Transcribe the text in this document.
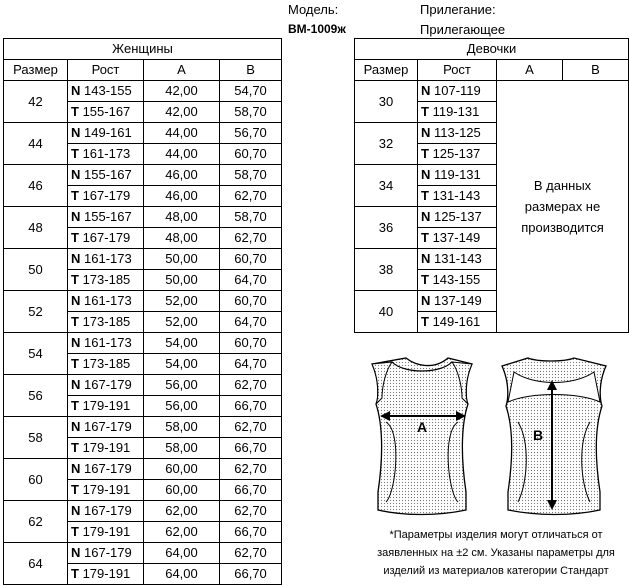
Модель:
ВМ-1009ж
Прилегание:
Прилегающее
Женщины			
Размер	Рост	A	B
42	N 143-155	42,00	54,70
	T 155-167	42,00	58,70
44	N 149-161	44,00	56,70
	T 161-173	44,00	60,70
46	N 155-167	46,00	58,70
	T 167-179	46,00	62,70
48	N 155-167	48,00	58,70
	T 167-179	48,00	62,70
50	N 161-173	50,00	60,70
	T 173-185	50,00	64,70
52	N 161-173	52,00	60,70
	T 173-185	52,00	64,70
54	N 161-173	54,00	60,70
	T 173-185	54,00	64,70
56	N 167-179	56,00	62,70
	T 179-191	56,00	66,70
58	N 167-179	58,00	62,70
	T 179-191	58,00	66,70
60	N 167-179	60,00	62,70
	T 179-191	60,00	66,70
62	N 167-179	62,00	62,70
	T 179-191	62,00	66,70
64	N 167-179	64,00	62,70
	T 179-191	64,00	66,70
Девочки			
Размер	Рост	A	B
30	N 107-119	В данных размерах не производится	

	T 119-131		
32	N 113-125		
	T 125-137		
34	N 119-131		
	T 131-143		
36	N 125-137		
	T 137-149		
38	N 131-143		
	T 143-155		
40	N 137-149		
	T 149-161		
A	B
*Параметры изделия могут отличаться от заявленных на ±2 см. Указаны параметры для изделий из материалов категории Стандарт
